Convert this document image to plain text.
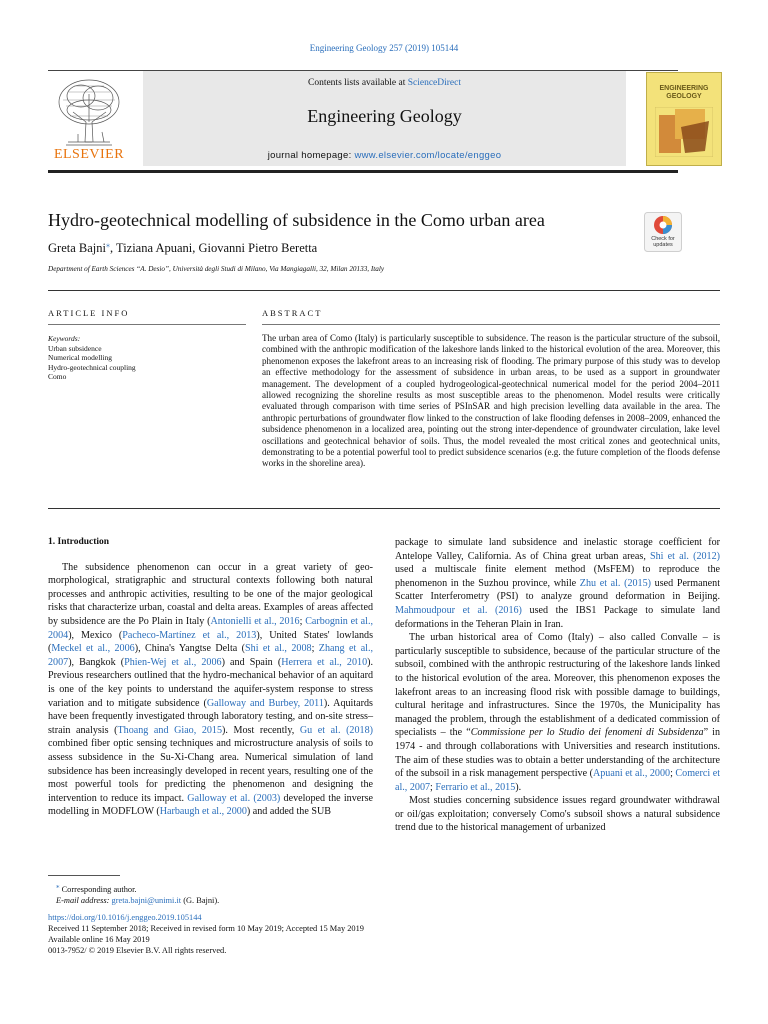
Engineering Geology 257 (2019) 105144
Contents lists available at ScienceDirect
Engineering Geology
journal homepage: www.elsevier.com/locate/enggeo
ELSEVIER
ENGINEERING
GEOLOGY
Hydro-geotechnical modelling of subsidence in the Como urban area
Greta Bajni⁎, Tiziana Apuani, Giovanni Pietro Beretta
Department of Earth Sciences “A. Desio”, Università degli Studi di Milano, Via Mangiagalli, 32, Milan 20133, Italy
Check for
updates
ARTICLE INFO	ABSTRACT
Keywords:
Urban subsidence
Numerical modelling
Hydro-geotechnical coupling
Como
The urban area of Como (Italy) is particularly susceptible to subsidence. The reason is the particular structure of the subsoil, combined with the anthropic modification of the lakeshore lands linked to the historical evolution of the area. Moreover, this phenomenon exposes the lakefront areas to an increasing risk of flooding. The primary purpose of this study was to develop an effective methodology for the assessment of subsidence in urban areas, to be used as a support in groundwater management. The development of a coupled hydrogeological-geotechnical numerical model for the period 2004–2011 allowed recognizing the shoreline results as most susceptible areas to the phenomenon. Model results were critically evaluated through comparison with time series of PSInSAR and high precision levelling data available in the area. The anthropic perturbations of groundwater flow linked to the construction of lake flooding defenses in 2008–2009, enhanced the subsidence phenomenon in a localized area, pointing out the strong inter-dependence of groundwater circulation, lake level oscillations and geotechnical behavior of soils. Thus, the model revealed the most critical zones and geotechnical units, demonstrating to be a potential powerful tool to predict subsidence scenarios (e.g. the future completion of the floods defense works in the shoreline area).

1. Introduction

The subsidence phenomenon can occur in a great variety of geomorphological, stratigraphic and structural contexts following both natural processes and anthropic activities, resulting to be one of the major geological risks that characterize urban, coastal and delta areas. Examples of areas affected by subsidence are the Po Plain in Italy (Antonielli et al., 2016; Carbognin et al., 2004), Mexico (Pacheco-Martínez et al., 2013), United States' lowlands (Meckel et al., 2006), China's Yangtse Delta (Shi et al., 2008; Zhang et al., 2007), Bangkok (Phien-Wej et al., 2006) and Spain (Herrera et al., 2010). Previous researchers outlined that the hydro-mechanical behavior of an aquitard is one of the key points to understand the aquifer-system response to stress variation and to mitigate subsidence (Galloway and Burbey, 2011). Aquitards have been frequently investigated through laboratory testing, and on-site stress–strain analysis (Thoang and Giao, 2015). Most recently, Gu et al. (2018) combined fiber optic sensing techniques and microstructure analysis of soils to assess subsidence in the Su-Xi-Chang area. Numerical simulation of land subsidence has been increasingly developed in recent years, resulting one of the most powerful tools for predicting the phenomenon and designing the intervention to reduce its impact. Galloway et al. (2003) developed the inverse modelling in MODFLOW (Harbaugh et al., 2000) and added the SUB

package to simulate land subsidence and inelastic storage coefficient for Antelope Valley, California. As of China great urban areas, Shi et al. (2012) used a multiscale finite element method (MsFEM) to reproduce the phenomenon in the Suzhou province, while Zhu et al. (2015) used Permanent Scatter Interferometry (PSI) to analyze ground deformation in Beijing. Mahmoudpour et al. (2016) used the IBS1 Package to simulate land deformations in the Teheran Plain in Iran.

The urban historical area of Como (Italy) – also called Convalle – is particularly susceptible to subsidence, because of the particular structure of the subsoil, combined with the anthropic restructuring of the lakeshore lands linked to the historical evolution of the area. Moreover, this phenomenon exposes the lakefront areas to an increasing flood risk with possible damage to buildings, cultural heritage and infrastructures. Since the 1970s, the Municipality has managed the problem, through the establishment of a dedicated commission of specialists – the “Commissione per lo Studio dei fenomeni di Subsidenza” in 1974 - and through collaborations with Universities and research institutions. The aim of these studies was to obtain a better understanding of the architecture of the subsoil in a risk management perspective (Apuani et al., 2000; Comerci et al., 2007; Ferrario et al., 2015).

Most studies concerning subsidence issues regard groundwater withdrawal or oil/gas exploitation; conversely Como's subsoil shows a natural subsidence trend due to the historical management of urbanized

⁎ Corresponding author.
E-mail address: greta.bajni@unimi.it (G. Bajni).
https://doi.org/10.1016/j.enggeo.2019.105144
Received 11 September 2018; Received in revised form 10 May 2019; Accepted 15 May 2019
Available online 16 May 2019
0013-7952/ © 2019 Elsevier B.V. All rights reserved.
